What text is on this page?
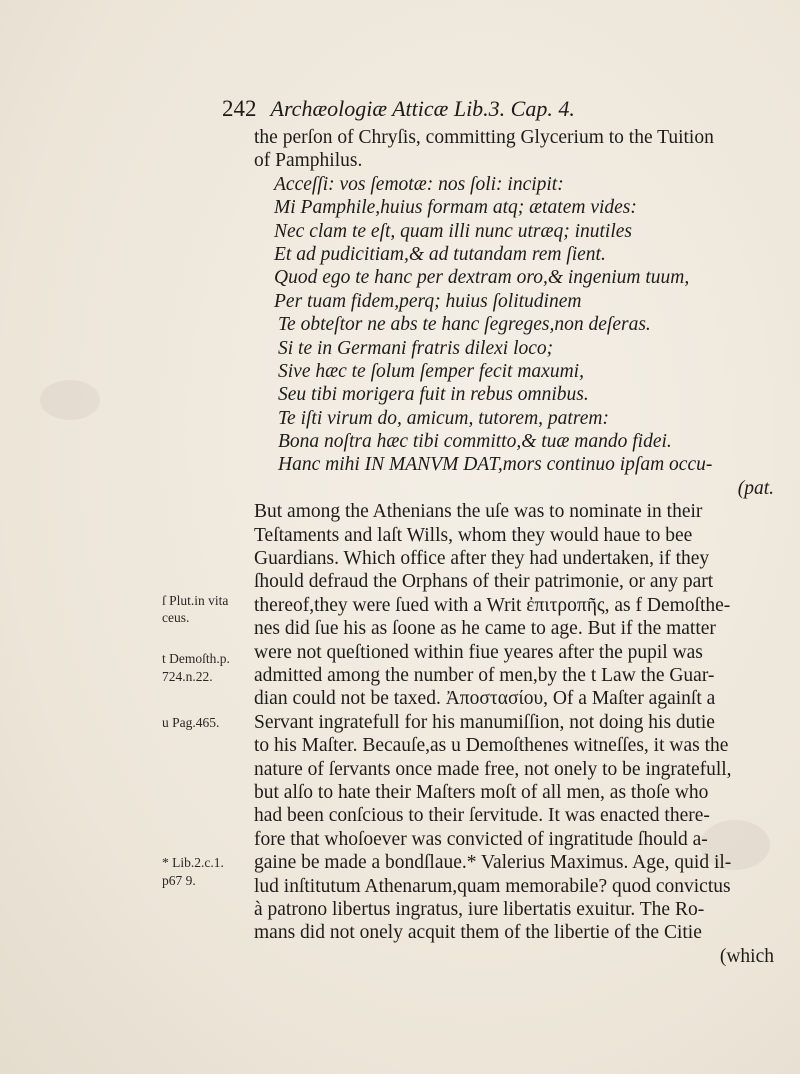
242 Archæologiæ Atticæ Lib.3. Cap. 4.
the perſon of Chryſis, committing Glycerium to the Tuition
of Pamphilus.
Acceſſi: vos ſemotæ: nos ſoli: incipit:
Mi Pamphile,huius formam atq; ætatem vides:
Nec clam te eſt, quam illi nunc utræq; inutiles
Et ad pudicitiam,& ad tutandam rem ſient.
Quod ego te hanc per dextram oro,& ingenium tuum,
Per tuam fidem,perq; huius ſolitudinem
Te obteſtor ne abs te hanc ſegreges,non deſeras.
Si te in Germani fratris dilexi loco;
Sive hæc te ſolum ſemper fecit maxumi,
Seu tibi morigera fuit in rebus omnibus.
Te iſti virum do, amicum, tutorem, patrem:
Bona noſtra hæc tibi committo,& tuæ mando fidei.
Hanc mihi IN MANVM DAT,mors continuo ipſam occu-
(pat.
But among the Athenians the uſe was to nominate in their
Teſtaments and laſt Wills, whom they would haue to bee
Guardians. Which office after they had undertaken, if they
ſhould defraud the Orphans of their patrimonie, or any part
thereof,they were ſued with a Writ ἐπιτροπῆς, as f Demoſthe-
nes did ſue his as ſoone as he came to age. But if the matter
were not queſtioned within fiue yeares after the pupil was
admitted among the number of men,by the t Law the Guar-
dian could not be taxed. Ἀποστασίου, Of a Maſter againſt a
Servant ingratefull for his manumiſſion, not doing his dutie
to his Maſter. Becauſe,as u Demoſthenes witneſſes, it was the
nature of ſervants once made free, not onely to be ingratefull,
but alſo to hate their Maſters moſt of all men, as thoſe who
had been conſcious to their ſervitude. It was enacted there-
fore that whoſoever was convicted of ingratitude ſhould a-
gaine be made a bondſlaue.* Valerius Maximus. Age, quid il-
lud inſtitutum Athenarum,quam memorabile? quod convictus
à patrono libertus ingratus, iure libertatis exuitur. The Ro-
mans did not onely acquit them of the libertie of the Citie
(which
ſ Plut.in vita
ceus.
t Demoſth.p.
724.n.22.
u Pag.465.
* Lib.2.c.1.
p67 9.
